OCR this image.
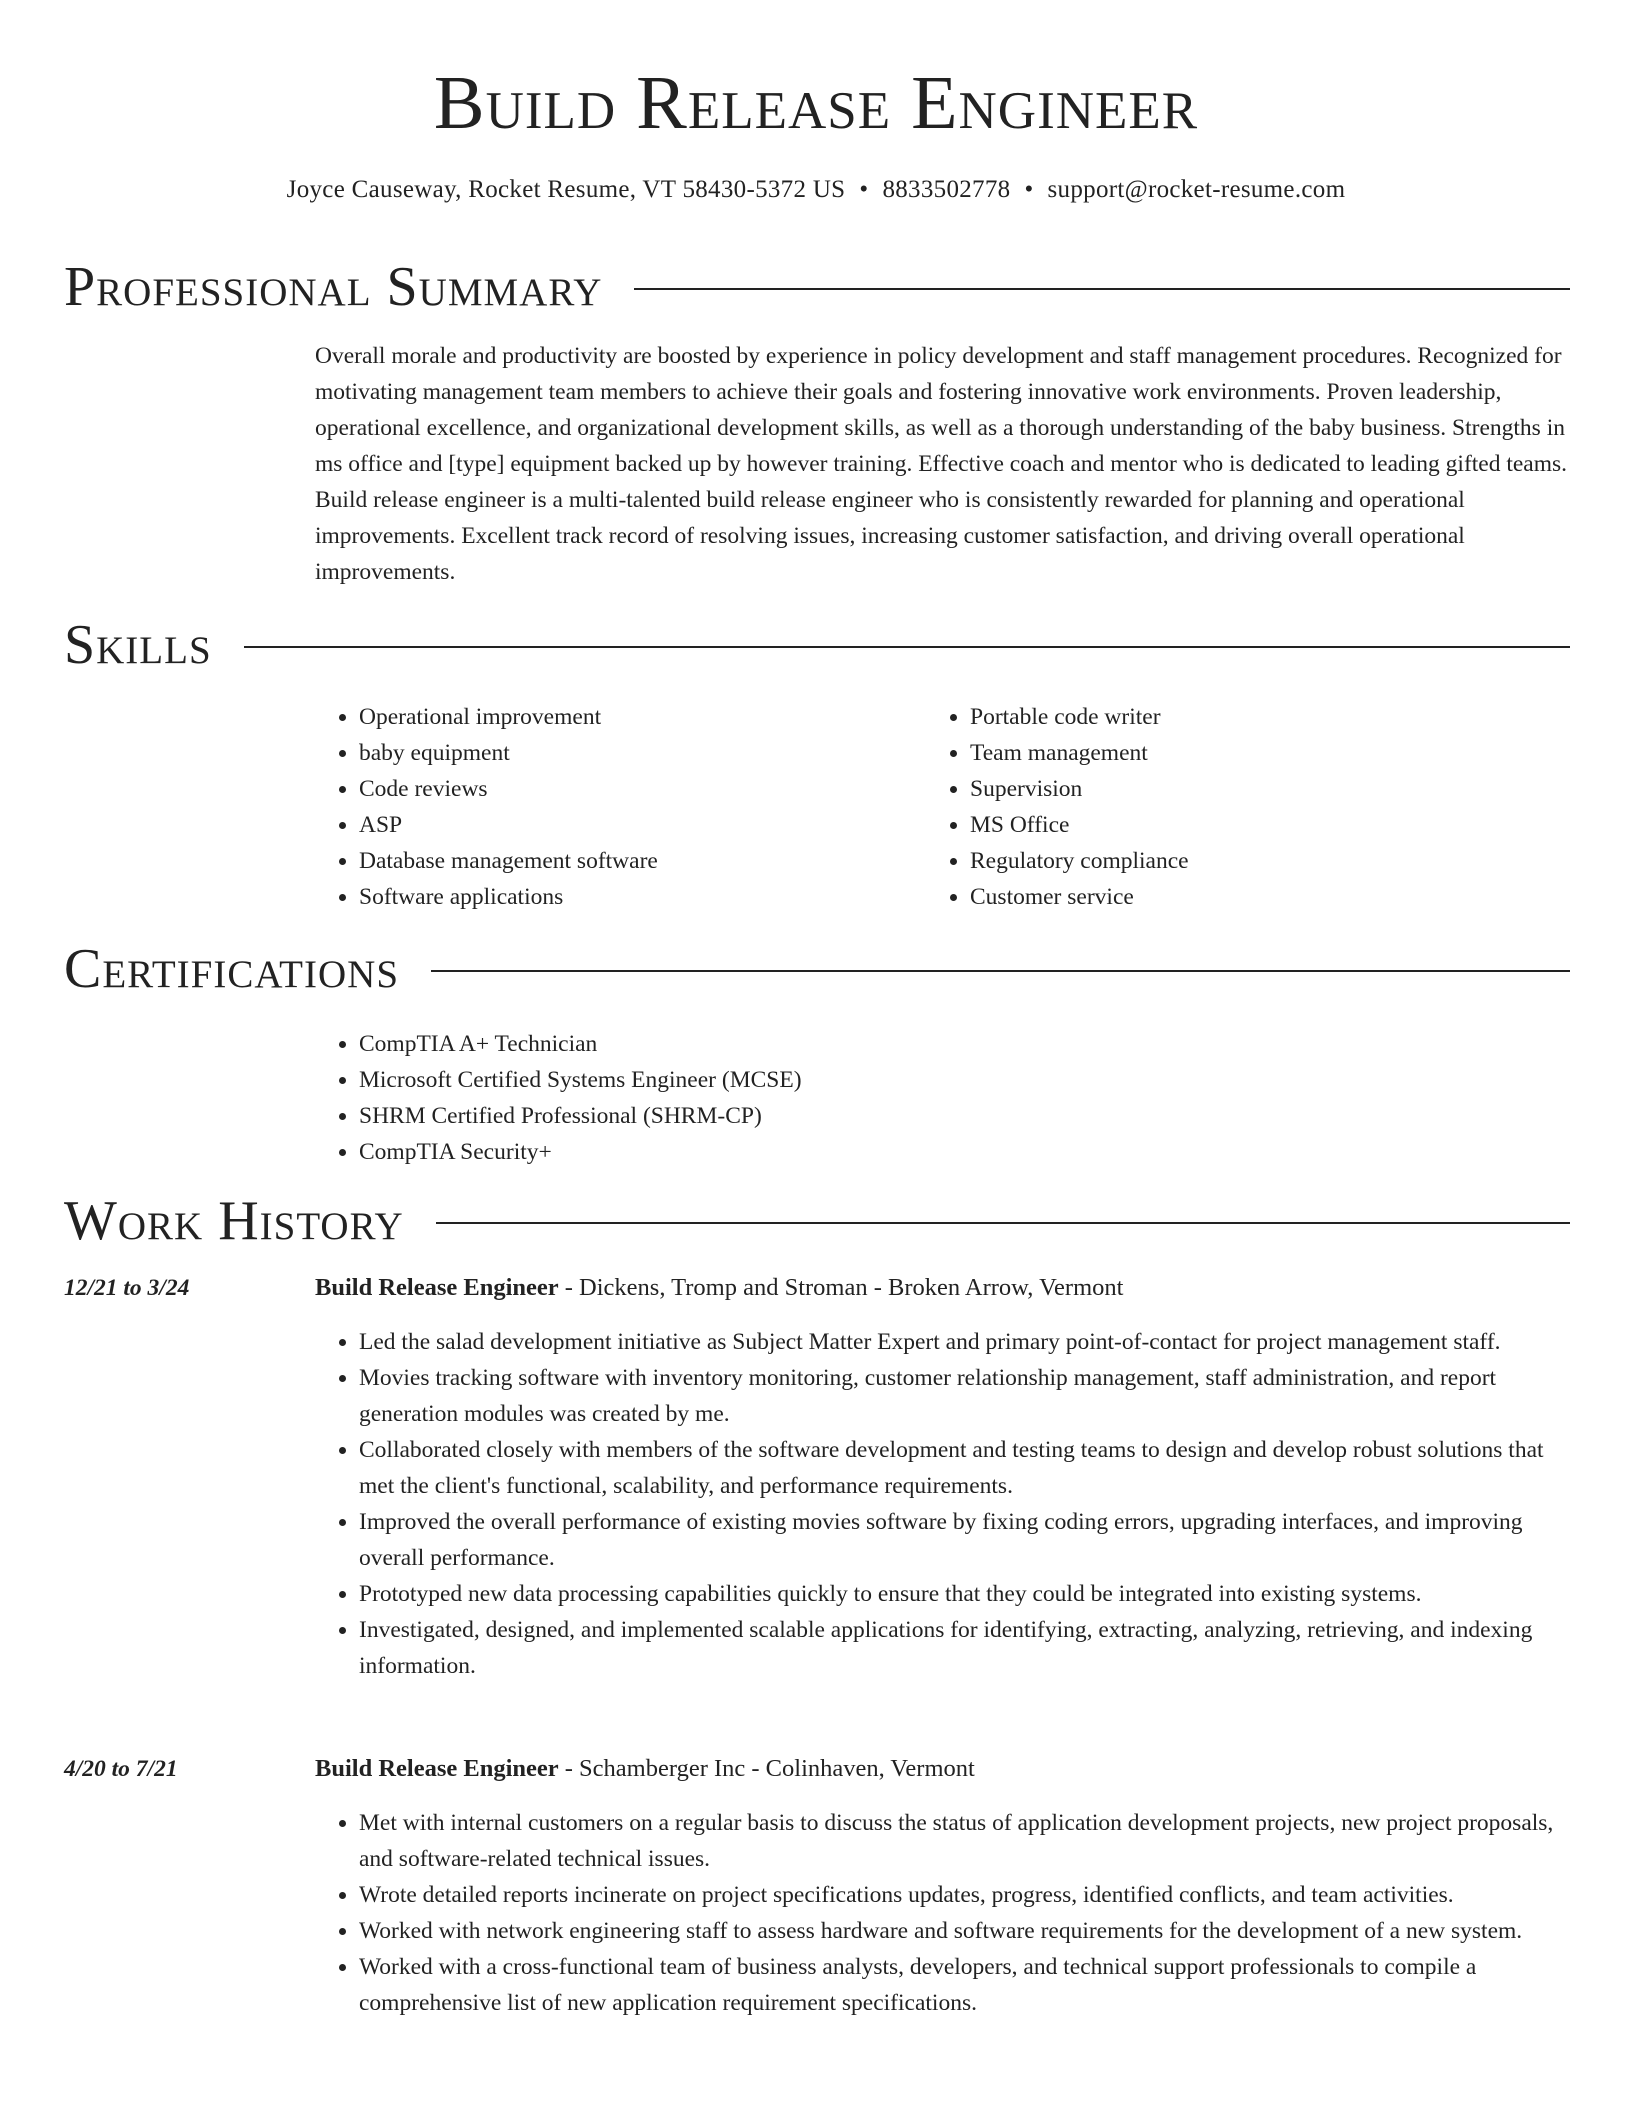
Build Release Engineer
Joyce Causeway, Rocket Resume, VT 58430-5372 US • 8833502778 • support@rocket-resume.com
Professional Summary
Overall morale and productivity are boosted by experience in policy development and staff management procedures. Recognized for motivating management team members to achieve their goals and fostering innovative work environments. Proven leadership, operational excellence, and organizational development skills, as well as a thorough understanding of the baby business. Strengths in ms office and [type] equipment backed up by however training. Effective coach and mentor who is dedicated to leading gifted teams. Build release engineer is a multi-talented build release engineer who is consistently rewarded for planning and operational improvements. Excellent track record of resolving issues, increasing customer satisfaction, and driving overall operational improvements.
Skills
• Operational improvement
• baby equipment
• Code reviews
• ASP
• Database management software
• Software applications
• Portable code writer
• Team management
• Supervision
• MS Office
• Regulatory compliance
• Customer service
Certifications
• CompTIA A+ Technician
• Microsoft Certified Systems Engineer (MCSE)
• SHRM Certified Professional (SHRM-CP)
• CompTIA Security+
Work History
12/21 to 3/24	Build Release Engineer - Dickens, Tromp and Stroman - Broken Arrow, Vermont
• Led the salad development initiative as Subject Matter Expert and primary point-of-contact for project management staff.
• Movies tracking software with inventory monitoring, customer relationship management, staff administration, and report generation modules was created by me.
• Collaborated closely with members of the software development and testing teams to design and develop robust solutions that met the client's functional, scalability, and performance requirements.
• Improved the overall performance of existing movies software by fixing coding errors, upgrading interfaces, and improving overall performance.
• Prototyped new data processing capabilities quickly to ensure that they could be integrated into existing systems.
• Investigated, designed, and implemented scalable applications for identifying, extracting, analyzing, retrieving, and indexing information.
4/20 to 7/21	Build Release Engineer - Schamberger Inc - Colinhaven, Vermont
• Met with internal customers on a regular basis to discuss the status of application development projects, new project proposals, and software-related technical issues.
• Wrote detailed reports incinerate on project specifications updates, progress, identified conflicts, and team activities.
• Worked with network engineering staff to assess hardware and software requirements for the development of a new system.
• Worked with a cross-functional team of business analysts, developers, and technical support professionals to compile a comprehensive list of new application requirement specifications.
